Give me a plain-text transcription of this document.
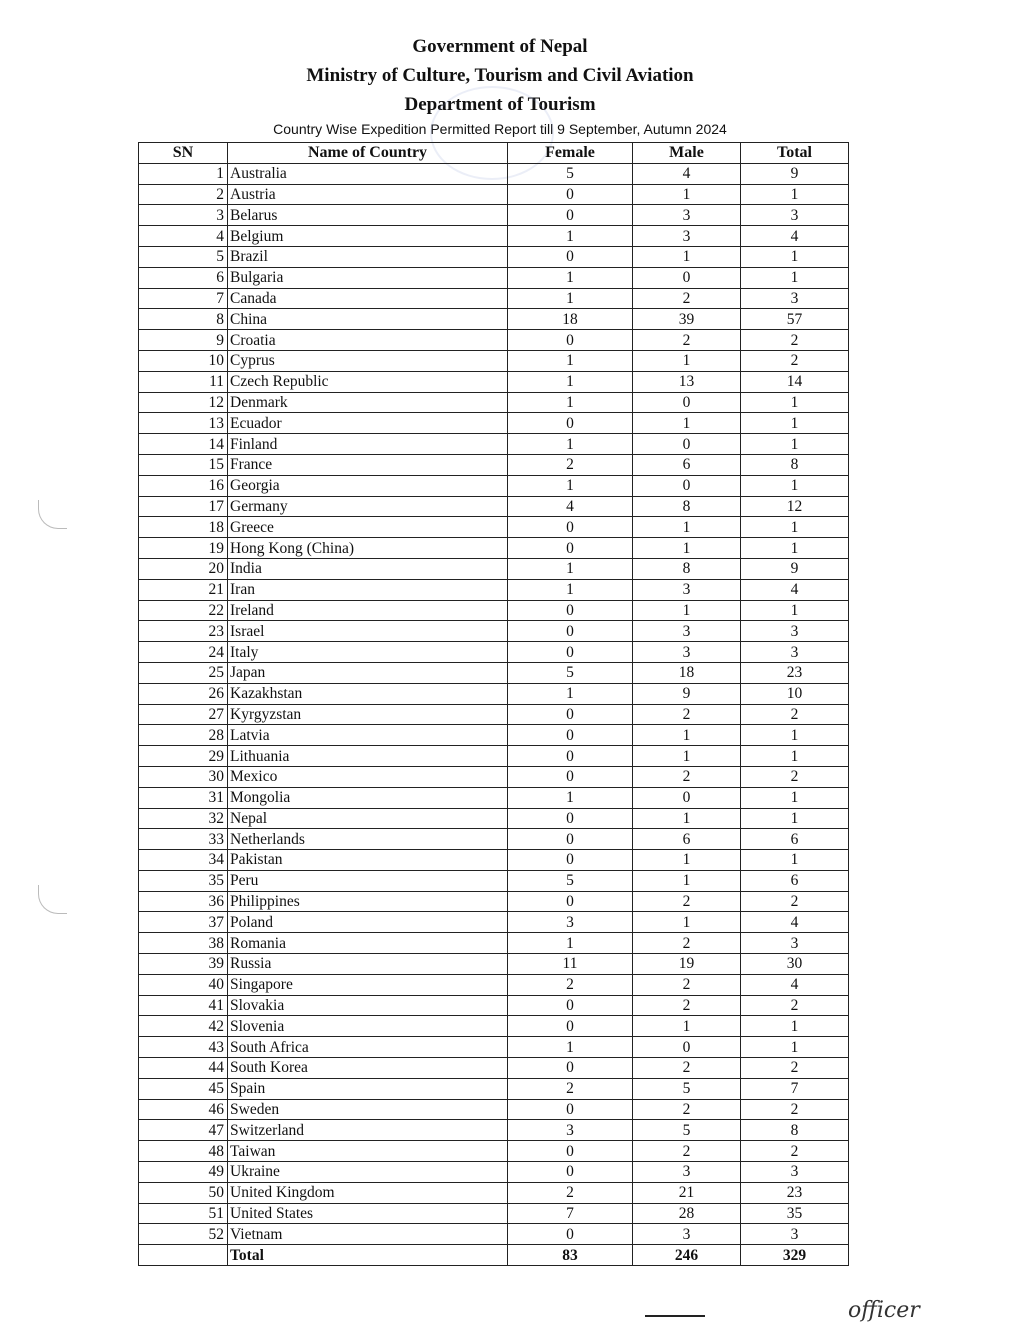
Government of Nepal
Ministry of Culture, Tourism and Civil Aviation
Department of Tourism
Country Wise Expedition Permitted Report till 9 September, Autumn 2024
SN	Name of Country	Female	Male	Total
1	Australia	5	4	9
2	Austria	0	1	1
3	Belarus	0	3	3
4	Belgium	1	3	4
5	Brazil	0	1	1
6	Bulgaria	1	0	1
7	Canada	1	2	3
8	China	18	39	57
9	Croatia	0	2	2
10	Cyprus	1	1	2
11	Czech Republic	1	13	14
12	Denmark	1	0	1
13	Ecuador	0	1	1
14	Finland	1	0	1
15	France	2	6	8
16	Georgia	1	0	1
17	Germany	4	8	12
18	Greece	0	1	1
19	Hong Kong (China)	0	1	1
20	India	1	8	9
21	Iran	1	3	4
22	Ireland	0	1	1
23	Israel	0	3	3
24	Italy	0	3	3
25	Japan	5	18	23
26	Kazakhstan	1	9	10
27	Kyrgyzstan	0	2	2
28	Latvia	0	1	1
29	Lithuania	0	1	1
30	Mexico	0	2	2
31	Mongolia	1	0	1
32	Nepal	0	1	1
33	Netherlands	0	6	6
34	Pakistan	0	1	1
35	Peru	5	1	6
36	Philippines	0	2	2
37	Poland	3	1	4
38	Romania	1	2	3
39	Russia	11	19	30
40	Singapore	2	2	4
41	Slovakia	0	2	2
42	Slovenia	0	1	1
43	South Africa	1	0	1
44	South Korea	0	2	2
45	Spain	2	5	7
46	Sweden	0	2	2
47	Switzerland	3	5	8
48	Taiwan	0	2	2
49	Ukraine	0	3	3
50	United Kingdom	2	21	23
51	United States	7	28	35
52	Vietnam	0	3	3
	Total	83	246	329
officer
